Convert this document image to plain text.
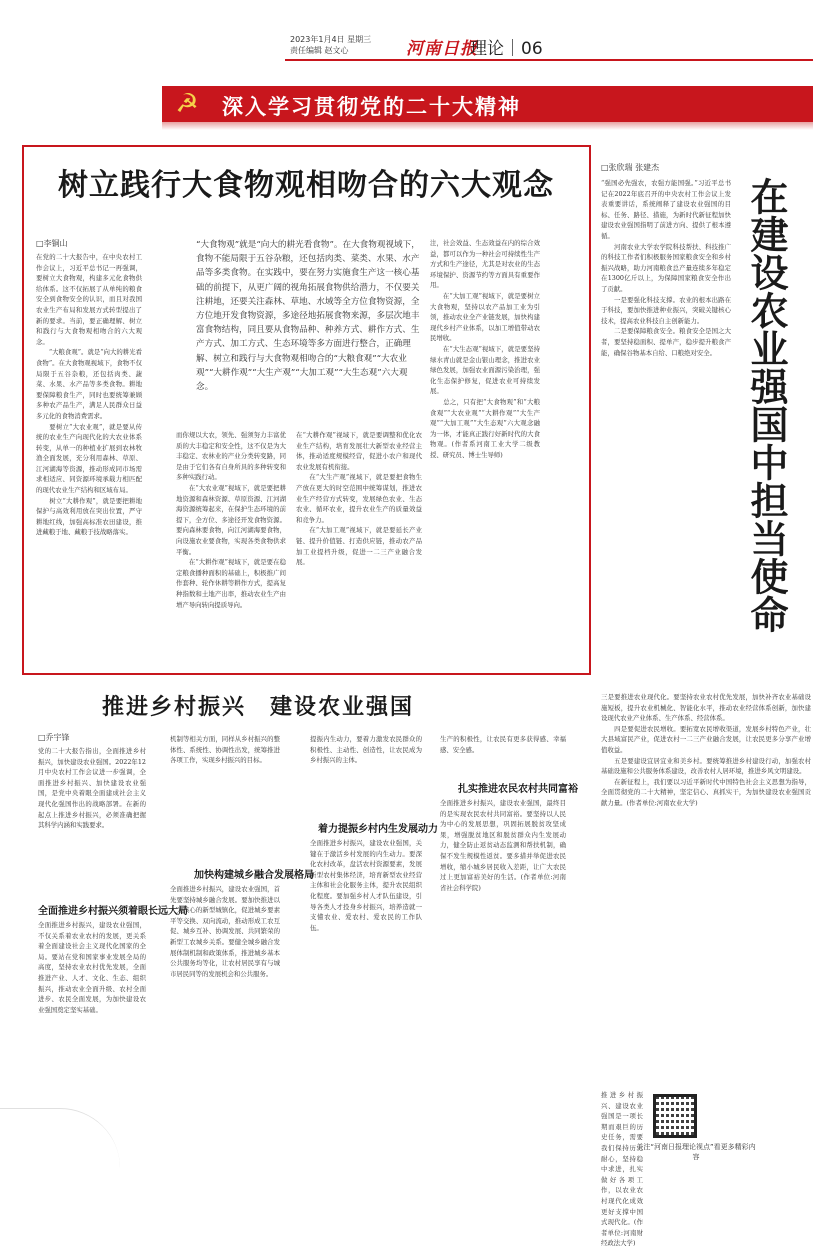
2023年1月4日 星期三
责任编辑 赵文心	河南日报
理论｜06
☭ 深入学习贯彻党的二十大精神
树立践行大食物观相吻合的六大观念
□李铜山	“大食物观”就是“向大的耕光看食物”。在大食物观视域下，食物不能局限于五谷杂粮，还包括肉类、菜类、水果、水产品等多类食物。在实践中，要在努力实施食生产这一核心基础的前提下，从更广阔的视角拓展食物供给潜力，不仅要关注耕地，还要关注森林、草地、水域等全方位食物资源，全方位地开发食物资源，多途径地拓展食物来源，多层次地丰富食物结构，同且要从食物品种、种养方式、耕作方式、生产方式、加工方式、生态环境等多方面进行整合，正确理解、树立和践行与大食物观相吻合的“大粮食观”“大农业观”“大耕作观”“大生产观”“大加工观”“大生态观”六大观念。
在党的二十大报告中，在中央农村工作会议上，习近平总书记一再强调，要树立大食物观，构建多元化食物供给体系。这不仅拓展了从单纯的粮食安全到食物安全的认识，而且对我国农业生产布局和发展方式转型提出了新的要求。当前，要正确理解、树立和践行与大食物观相吻合的六大观念。
　　“大粮食观”。就是“向大的耕光看食物”。在大食物观视域下，食物不仅局限于五谷杂粮，还包括肉类、蔬菜、水果、水产品等多类食物。耕地要保障粮食生产，同时也要统筹兼顾多种农产品生产，满足人民群众日益多元化的食物消费需求。
　　要树立“大农业观”，就是要从传统的农业生产向现代化的大农业体系转变，从单一的种植业扩展到农林牧渔全面发展，充分利用森林、草原、江河湖海等资源，推动形成同市场需求相适应、同资源环境承载力相匹配的现代农业生产结构和区域布局。
　　树立“大耕作观”，就是要把耕地保护与高效利用放在突出位置，严守耕地红线，加强高标准农田建设，推进藏粮于地、藏粮于技战略落实。
而你规以大农，领先、强须努力丰富优质的大丰稳定和安全性，这不仅是为大丰稳定、农林业的产业分类转变路，同是由于它们各有自身所具的多种转变和多种实践行动。
　　在“大农业观”视域下，就是要把耕地资源和森林资源、草原资源、江河湖海资源统筹起来，在保护生态环境的前提下，全方位、多途径开发食物资源。要向森林要食物，向江河湖海要食物，向设施农业要食物，实现各类食物供求平衡。
　　在“大耕作观”视域下，就是要在稳定粮食播种面积的基础上，积极推广间作套种、轮作休耕等耕作方式，提高复种指数和土地产出率，推动农业生产由增产导向转向提质导向。
在“大耕作观”视域下，就是要调整和优化农业生产结构，培育发展壮大新型农业经营主体，推动适度规模经营，促进小农户和现代农业发展有机衔接。
　　在“大生产观”视域下，就是要把食物生产放在更大的时空范围中统筹谋划，推进农业生产经营方式转变，发展绿色农业、生态农业、循环农业，提升农业生产的质量效益和竞争力。
　　在“大加工观”视域下，就是要延长产业链、提升价值链、打造供应链，推动农产品加工业提档升级，促进一二三产业融合发展。
注，社会效益、生态效益在内的综合效益，都可以作为一种社会可持续性生产方式和生产途径，尤其是对农业的生态环境保护、资源节约等方面具有重要作用。
　　在“大加工观”视域下，就是要树立大食物观，坚持以农产品加工业为引领，推动农业全产业链发展，加快构建现代乡村产业体系，以加工增值带动农民增收。
　　在“大生态观”视域下，就是要坚持绿水青山就是金山银山理念，推进农业绿色发展，加强农业面源污染治理，强化生态保护修复，促进农业可持续发展。
　　总之，只有把“大食物观”和“大粮食观”“大农业观”“大耕作观”“大生产观”“大加工观”“大生态观”六大观念融为一体，才能真正践行好新时代的大食物观。(作者系河南工业大学二级教授、研究员、博士生导师)
□张欣瑞 张建杰
“强国必先强农，农强方能国强。”习近平总书记在2022年底召开的中央农村工作会议上发表重要讲话，系统阐释了建设农业强国的目标、任务、路径、措施，为新时代新征程加快建设农业强国指明了前进方向、提供了根本遵循。
　　河南农业大学农学院科技帮扶、科技推广的科技工作者们积极服务国家粮食安全和乡村振兴战略，助力河南粮食总产量连续多年稳定在1300亿斤以上，为保障国家粮食安全作出了贡献。
　　一是要强化科技支撑。农业的根本出路在于科技，要加快推进种业振兴，突破关键核心技术，提高农业科技自主创新能力。
　　二是要保障粮食安全。粮食安全是国之大者，要坚持稳面积、提单产，稳步提升粮食产能，确保谷物基本自给、口粮绝对安全。 在建设农业强国中担当使命
三是要推进农业现代化。要坚持农业农村优先发展，加快补齐农业基础设施短板，提升农业机械化、智能化水平，推动农业经营体系创新，加快建设现代农业产业体系、生产体系、经营体系。
　　四是要促进农民增收。要拓宽农民增收渠道，发展乡村特色产业，壮大县域富民产业，促进农村一二三产业融合发展，让农民更多分享产业增值收益。
　　五是要建设宜居宜业和美乡村。要统筹推进乡村建设行动，加强农村基础设施和公共服务体系建设，改善农村人居环境，推进乡风文明建设。
　　在新征程上，我们要以习近平新时代中国特色社会主义思想为指导，全面贯彻党的二十大精神，坚定信心、真抓实干，为加快建设农业强国贡献力量。(作者单位:河南农业大学)
推进乡村振兴　建设农业强国
□乔宇锋
党的二十大报告指出，全面推进乡村振兴，加快建设农业强国。2022年12月中央农村工作会议进一步强调，全面推进乡村振兴、加快建设农业强国，是党中央着眼全面建成社会主义现代化强国作出的战略部署。在新的起点上推进乡村振兴，必须准确把握其科学内涵和实践要求。
全面推进乡村振兴须着眼长远大局
全面推进乡村振兴，建设农业强国，不仅关系着农业农村的发展，更关系着全面建设社会主义现代化国家的全局。要站在党和国家事业发展全局的高度，坚持农业农村优先发展，全面推进产业、人才、文化、生态、组织振兴，推动农业全面升级、农村全面进步、农民全面发展，为加快建设农业强国奠定坚实基础。
机制等相关方面，同样从乡村振兴的整体性、系统性、协调性出发，统筹推进各项工作，实现乡村振兴的目标。
加快构建城乡融合发展格局
全面推进乡村振兴，建设农业强国，首先要坚持城乡融合发展。要加快推进以人为核心的新型城镇化，促进城乡要素平等交换、双向流动，推动形成工农互促、城乡互补、协调发展、共同繁荣的新型工农城乡关系。要健全城乡融合发展体制机制和政策体系，推进城乡基本公共服务均等化，让农村居民享有与城市居民同等的发展机会和公共服务。
提振内生动力，要着力激发农民群众的积极性、主动性、创造性，让农民成为乡村振兴的主体。
着力提振乡村内生发展动力
全面推进乡村振兴，建设农业强国，关键在于激活乡村发展的内生动力。要深化农村改革，盘活农村资源要素，发展新型农村集体经济，培育新型农业经营主体和社会化服务主体，提升农民组织化程度。要加强乡村人才队伍建设，引导各类人才投身乡村振兴，培养造就一支懂农业、爱农村、爱农民的工作队伍。
生产的积极性，让农民有更多获得感、幸福感、安全感。
扎实推进农民农村共同富裕
全面推进乡村振兴，建设农业强国，最终目的是实现农民农村共同富裕。要坚持以人民为中心的发展思想，巩固拓展脱贫攻坚成果，增强脱贫地区和脱贫群众内生发展动力，健全防止返贫动态监测和帮扶机制，确保不发生规模性返贫。要多措并举促进农民增收，缩小城乡居民收入差距，让广大农民过上更加富裕美好的生活。(作者单位:河南省社会科学院)
推进乡村振兴、建设农业强国是一项长期而艰巨的历史任务，需要我们保持历史耐心，坚持稳中求进，扎实做好各项工作，以农业农村现代化成效更好支撑中国式现代化。(作者单位:河南财经政法大学)
关注“河南日报理论视点”看更多精彩内容
